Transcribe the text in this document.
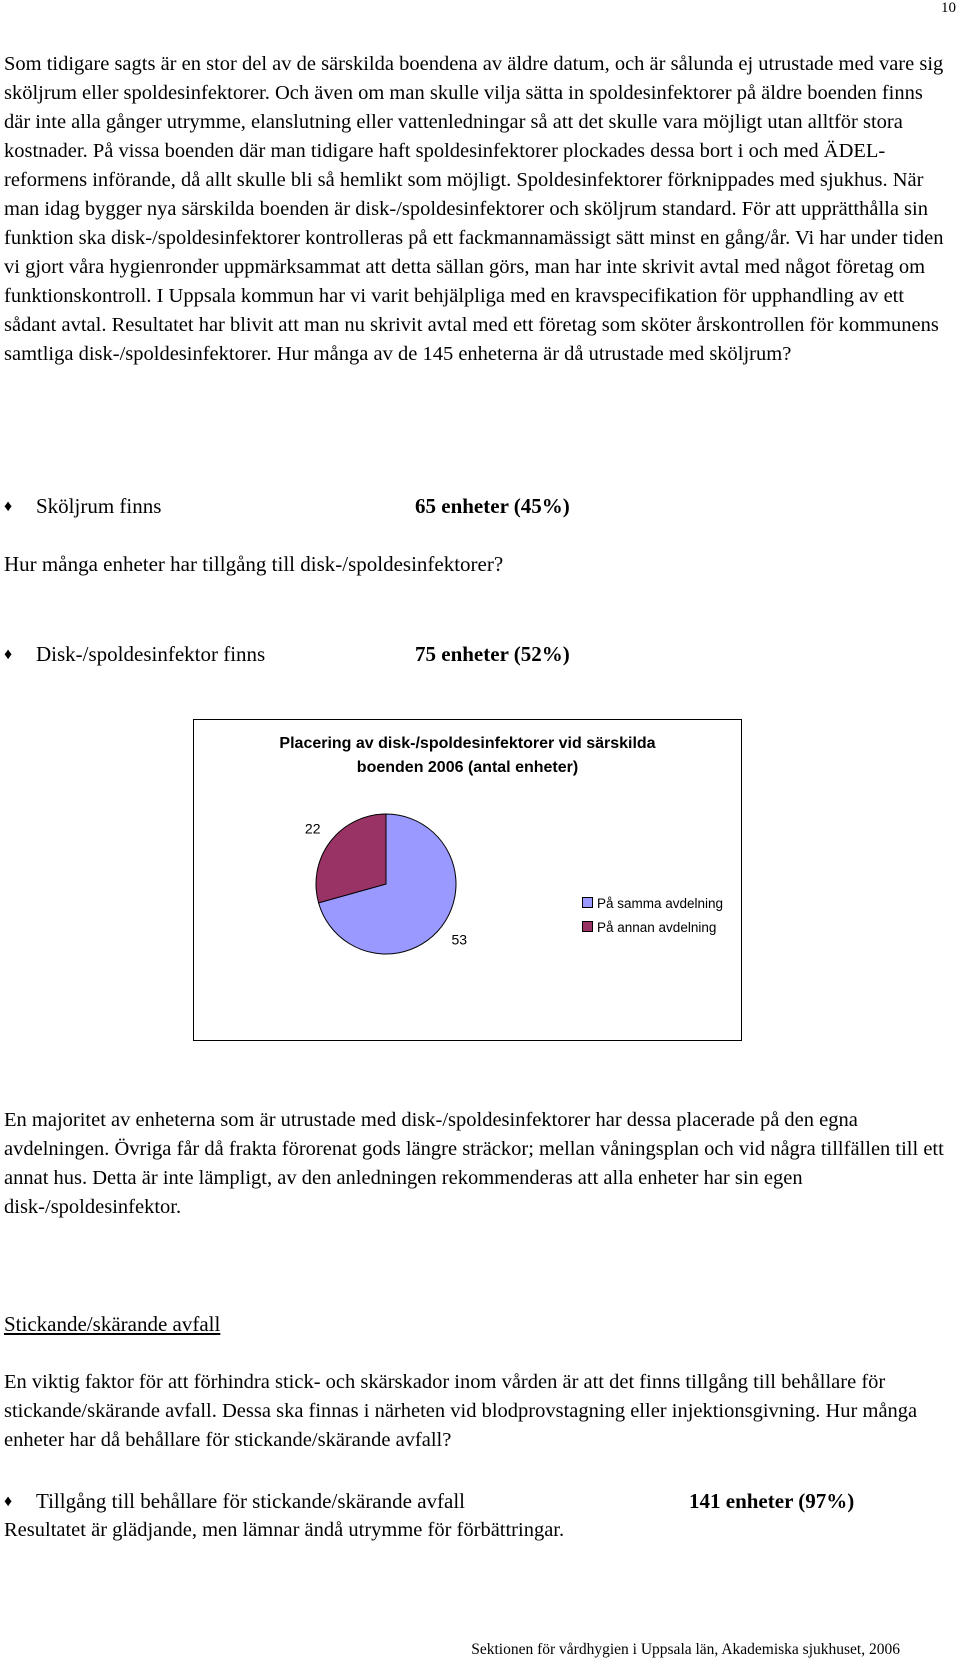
10

Som tidigare sagts är en stor del av de särskilda boendena av äldre datum, och är sålunda ej utrustade med vare sig sköljrum eller spoldesinfektorer. Och även om man skulle vilja sätta in spoldesinfektorer på äldre boenden finns där inte alla gånger utrymme, elanslutning eller vattenledningar så att det skulle vara möjligt utan alltför stora kostnader. På vissa boenden där man tidigare haft spoldesinfektorer plockades dessa bort i och med ÄDEL-reformens införande, då allt skulle bli så hemlikt som möjligt. Spoldesinfektorer förknippades med sjukhus. När man idag bygger nya särskilda boenden är disk-/spoldesinfektorer och sköljrum standard. För att upprätthålla sin funktion ska disk-/spoldesinfektorer kontrolleras på ett fackmannamässigt sätt minst en gång/år. Vi har under tiden vi gjort våra hygienronder uppmärksammat att detta sällan görs, man har inte skrivit avtal med något företag om funktionskontroll. I Uppsala kommun har vi varit behjälpliga med en kravspecifikation för upphandling av ett sådant avtal. Resultatet har blivit att man nu skrivit avtal med ett företag som sköter årskontrollen för kommunens samtliga disk-/spoldesinfektorer. Hur många av de 145 enheterna är då utrustade med sköljrum?

♦ Sköljrum finns	65 enheter (45%)
Hur många enheter har tillgång till disk-/spoldesinfektorer?
♦ Disk-/spoldesinfektor finns	75 enheter (52%)
Placering av disk-/spoldesinfektorer vid särskilda
boenden 2006 (antal enheter)
53
22
På samma avdelning
På annan avdelning

En majoritet av enheterna som är utrustade med disk-/spoldesinfektorer har dessa placerade på den egna avdelningen. Övriga får då frakta förorenat gods längre sträckor; mellan våningsplan och vid några tillfällen till ett annat hus. Detta är inte lämpligt, av den anledningen rekommenderas att alla enheter har sin egen disk-/spoldesinfektor.

Stickande/skärande avfall

En viktig faktor för att förhindra stick- och skärskador inom vården är att det finns tillgång till behållare för stickande/skärande avfall. Dessa ska finnas i närheten vid blodprovstagning eller injektionsgivning. Hur många enheter har då behållare för stickande/skärande avfall?

♦ Tillgång till behållare för stickande/skärande avfall	141 enheter (97%)
Resultatet är glädjande, men lämnar ändå utrymme för förbättringar.
Sektionen för vårdhygien i Uppsala län, Akademiska sjukhuset, 2006
